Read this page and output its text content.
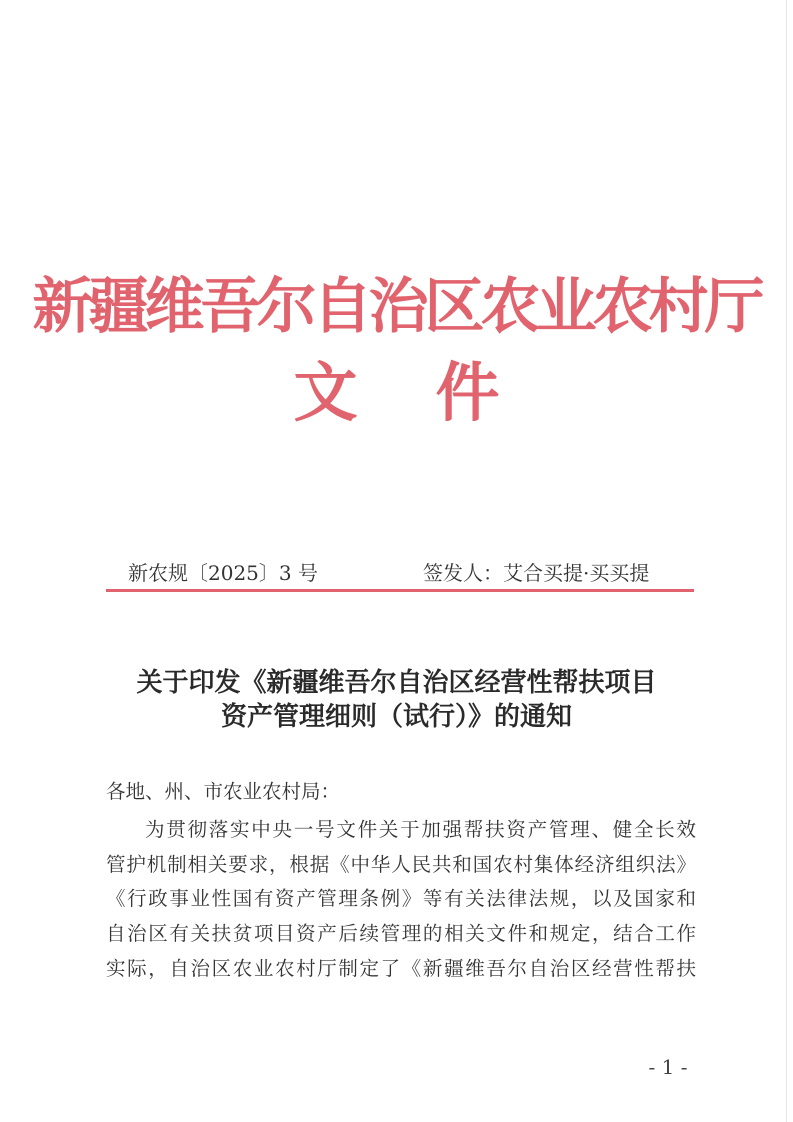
新疆维吾尔自治区农业农村厅
文 件
新农规〔2025〕3 号	签发人：艾合买提·买买提
关于印发《新疆维吾尔自治区经营性帮扶项目
资产管理细则（试行）》的通知
各地、州、市农业农村局：
为贯彻落实中央一号文件关于加强帮扶资产管理、健全长效
管护机制相关要求，根据《中华人民共和国农村集体经济组织法》
《行政事业性国有资产管理条例》等有关法律法规，以及国家和
自治区有关扶贫项目资产后续管理的相关文件和规定，结合工作
实际，自治区农业农村厅制定了《新疆维吾尔自治区经营性帮扶
- 1 -
